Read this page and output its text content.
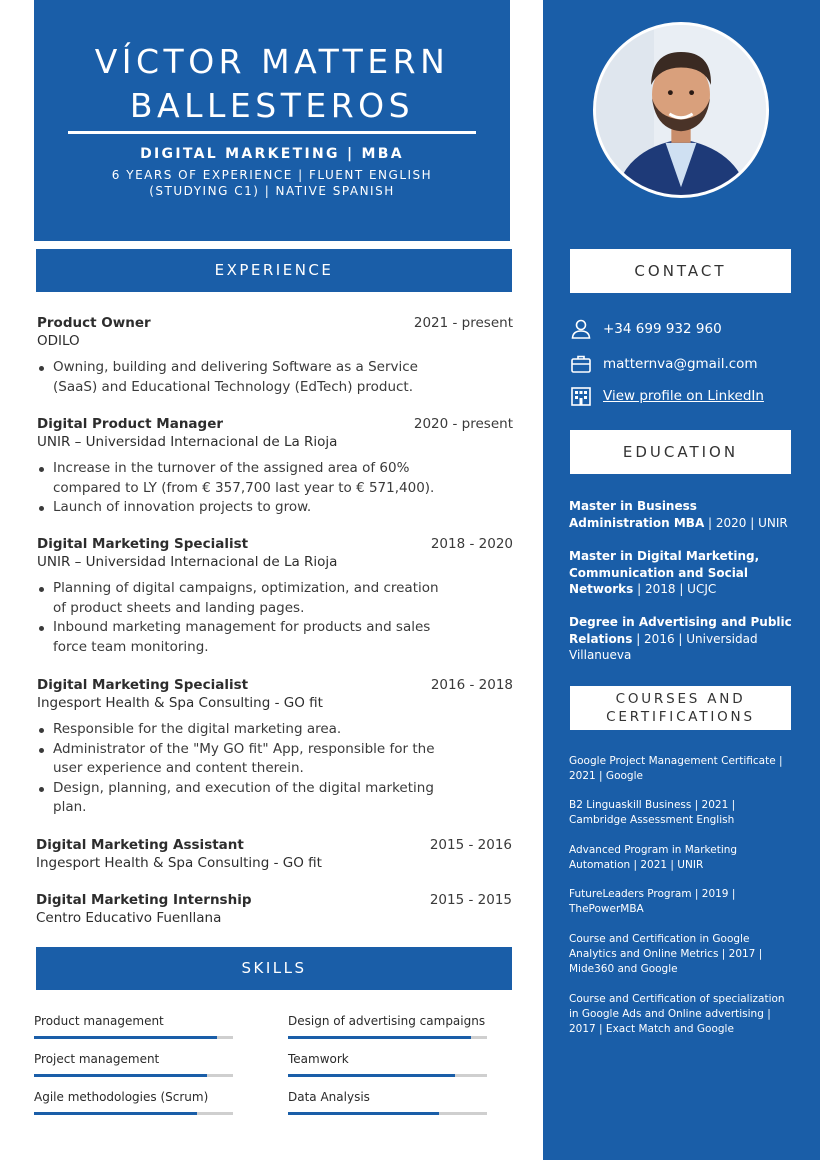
VÍCTOR MATTERN
BALLESTEROS
DIGITAL MARKETING | MBA
6 YEARS OF EXPERIENCE | FLUENT ENGLISH (STUDYING C1) | NATIVE SPANISH
EXPERIENCE
Product Owner	2021 - present
ODILO
Owning, building and delivering Software as a Service (SaaS) and Educational Technology (EdTech) product.
Digital Product Manager	2020 - present
UNIR – Universidad Internacional de La Rioja
Increase in the turnover of the assigned area of 60% compared to LY (from € 357,700 last year to € 571,400).
Launch of innovation projects to grow.
Digital Marketing Specialist	2018 - 2020
UNIR – Universidad Internacional de La Rioja
Planning of digital campaigns, optimization, and creation of product sheets and landing pages.
Inbound marketing management for products and sales force team monitoring.
Digital Marketing Specialist	2016 - 2018
Ingesport Health & Spa Consulting - GO fit
Responsible for the digital marketing area.
Administrator of the "My GO fit" App, responsible for the user experience and content therein.
Design, planning, and execution of the digital marketing plan.
Digital Marketing Assistant	2015 - 2016
Ingesport Health & Spa Consulting - GO fit
Digital Marketing Internship	2015 - 2015
Centro Educativo Fuenllana
SKILLS
Product management	Design of advertising campaigns
Project management	Teamwork
Agile methodologies (Scrum)	Data Analysis
CONTACT
+34 699 932 960
matternva@gmail.com
View profile on LinkedIn
EDUCATION
Master in Business Administration MBA | 2020 | UNIR
Master in Digital Marketing, Communication and Social Networks | 2018 | UCJC
Degree in Advertising and Public Relations | 2016 | Universidad Villanueva
COURSES AND CERTIFICATIONS
Google Project Management Certificate | 2021 | Google
B2 Linguaskill Business | 2021 | Cambridge Assessment English
Advanced Program in Marketing Automation | 2021 | UNIR
FutureLeaders Program | 2019 | ThePowerMBA
Course and Certification in Google Analytics and Online Metrics | 2017 | Mide360 and Google
Course and Certification of specialization in Google Ads and Online advertising | 2017 | Exact Match and Google
